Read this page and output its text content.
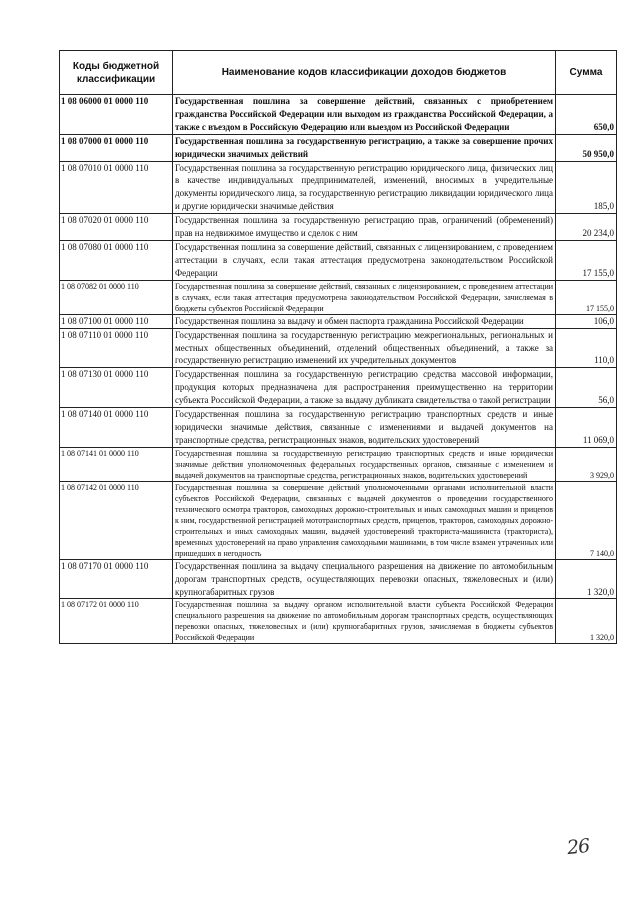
Коды бюджетной классификации	Наименование кодов классификации доходов бюджетов	Сумма
1 08 06000 01 0000 110	Государственная пошлина за совершение действий, связанных с приобретением гражданства Российской Федерации или выходом из гражданства Российской Федерации, а также с въездом в Российскую Федерацию или выездом из Российской Федерации	650,0
1 08 07000 01 0000 110	Государственная пошлина за государственную регистрацию, а также за совершение прочих юридически значимых действий	50 950,0
1 08 07010 01 0000 110	Государственная пошлина за государственную регистрацию юридического лица, физических лиц в качестве индивидуальных предпринимателей, изменений, вносимых в учредительные документы юридического лица, за государственную регистрацию ликвидации юридического лица и другие юридически значимые действия	185,0
1 08 07020 01 0000 110	Государственная пошлина за государственную регистрацию прав, ограничений (обременений) прав на недвижимое имущество и сделок с ним	20 234,0
1 08 07080 01 0000 110	Государственная пошлина за совершение действий, связанных с лицензированием, с проведением аттестации в случаях, если такая аттестация предусмотрена законодательством Российской Федерации	17 155,0
1 08 07082 01 0000 110	Государственная пошлина за совершение действий, связанных с лицензированием, с проведением аттестации в случаях, если такая аттестация предусмотрена законодательством Российской Федерации, зачисляемая в бюджеты субъектов Российской Федерации	17 155,0
1 08 07100 01 0000 110	Государственная пошлина за выдачу и обмен паспорта гражданина Российской Федерации	106,0
1 08 07110 01 0000 110	Государственная пошлина за государственную регистрацию межрегиональных, региональных и местных общественных объединений, отделений общественных объединений, а также за государственную регистрацию изменений их учредительных документов	110,0
1 08 07130 01 0000 110	Государственная пошлина за государственную регистрацию средства массовой информации, продукция которых предназначена для распространения преимущественно на территории субъекта Российской Федерации, а также за выдачу дубликата свидетельства о такой регистрации	56,0
1 08 07140 01 0000 110	Государственная пошлина за государственную регистрацию транспортных средств и иные юридически значимые действия, связанные с изменениями и выдачей документов на транспортные средства, регистрационных знаков, водительских удостоверений	11 069,0
1 08 07141 01 0000 110	Государственная пошлина за государственную регистрацию транспортных средств и иные юридически значимые действия уполномоченных федеральных государственных органов, связанные с изменением и выдачей документов на транспортные средства, регистрационных знаков, водительских удостоверений	3 929,0
1 08 07142 01 0000 110	Государственная пошлина за совершение действий уполномоченными органами исполнительной власти субъектов Российской Федерации, связанных с выдачей документов о проведении государственного технического осмотра тракторов, самоходных дорожно-строительных и иных самоходных машин и прицепов к ним, государственной регистрацией мототранспортных средств, прицепов, тракторов, самоходных дорожно-строительных и иных самоходных машин, выдачей удостоверений тракториста-машиниста (тракториста), временных удостоверений на право управления самоходными машинами, в том числе взамен утраченных или пришедших в негодность	7 140,0
1 08 07170 01 0000 110	Государственная пошлина за выдачу специального разрешения на движение по автомобильным дорогам транспортных средств, осуществляющих перевозки опасных, тяжеловесных и (или) крупногабаритных грузов	1 320,0
1 08 07172 01 0000 110	Государственная пошлина за выдачу органом исполнительной власти субъекта Российской Федерации специального разрешения на движение по автомобильным дорогам транспортных средств, осуществляющих перевозки опасных, тяжеловесных и (или) крупногабаритных грузов, зачисляемая в бюджеты субъектов Российской Федерации	1 320,0
26
